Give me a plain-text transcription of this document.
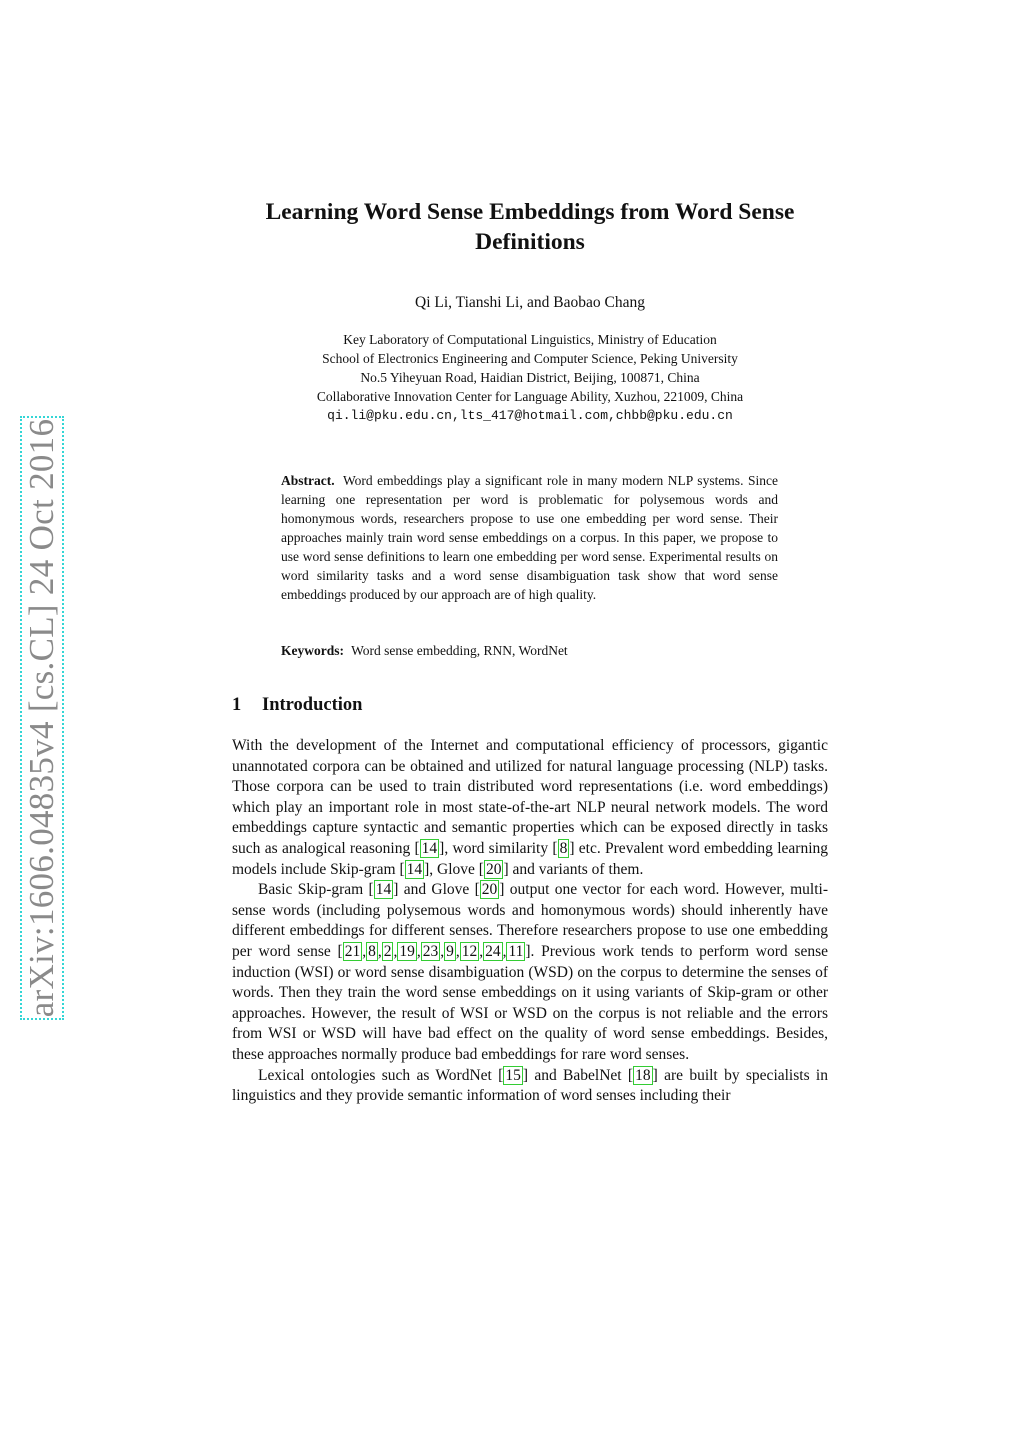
arXiv:1606.04835v4 [cs.CL] 24 Oct 2016
Learning Word Sense Embeddings from Word Sense Definitions
Qi Li, Tianshi Li, and Baobao Chang
Key Laboratory of Computational Linguistics, Ministry of Education
School of Electronics Engineering and Computer Science, Peking University
No.5 Yiheyuan Road, Haidian District, Beijing, 100871, China
Collaborative Innovation Center for Language Ability, Xuzhou, 221009, China
qi.li@pku.edu.cn,lts_417@hotmail.com,chbb@pku.edu.cn
Abstract. Word embeddings play a significant role in many modern NLP systems. Since learning one representation per word is problematic for polysemous words and homonymous words, researchers propose to use one embedding per word sense. Their approaches mainly train word sense embeddings on a corpus. In this paper, we propose to use word sense definitions to learn one embedding per word sense. Experimental results on word similarity tasks and a word sense disambiguation task show that word sense embeddings produced by our approach are of high quality.
Keywords: Word sense embedding, RNN, WordNet
1 Introduction

With the development of the Internet and computational efficiency of processors, gigantic unannotated corpora can be obtained and utilized for natural language processing (NLP) tasks. Those corpora can be used to train distributed word representations (i.e. word embeddings) which play an important role in most state-of-the-art NLP neural network models. The word embeddings capture syntactic and semantic properties which can be exposed directly in tasks such as analogical reasoning [ 14 ], word similarity [ 8 ] etc. Prevalent word embedding learning models include Skip-gram [ 14 ], Glove [ 20 ] and variants of them.

Basic Skip-gram [ 14 ] and Glove [ 20 ] output one vector for each word. However, multi-sense words (including polysemous words and homonymous words) should inherently have different embeddings for different senses. Therefore researchers propose to use one embedding per word sense [ 21 , 8 , 2 , 19 , 23 , 9 , 12 , 24 , 11 ]. Previous work tends to perform word sense induction (WSI) or word sense disambiguation (WSD) on the corpus to determine the senses of words. Then they train the word sense embeddings on it using variants of Skip-gram or other approaches. However, the result of WSI or WSD on the corpus is not reliable and the errors from WSI or WSD will have bad effect on the quality of word sense embeddings. Besides, these approaches normally produce bad embeddings for rare word senses.

Lexical ontologies such as WordNet [ 15 ] and BabelNet [ 18 ] are built by specialists in linguistics and they provide semantic information of word senses including their
